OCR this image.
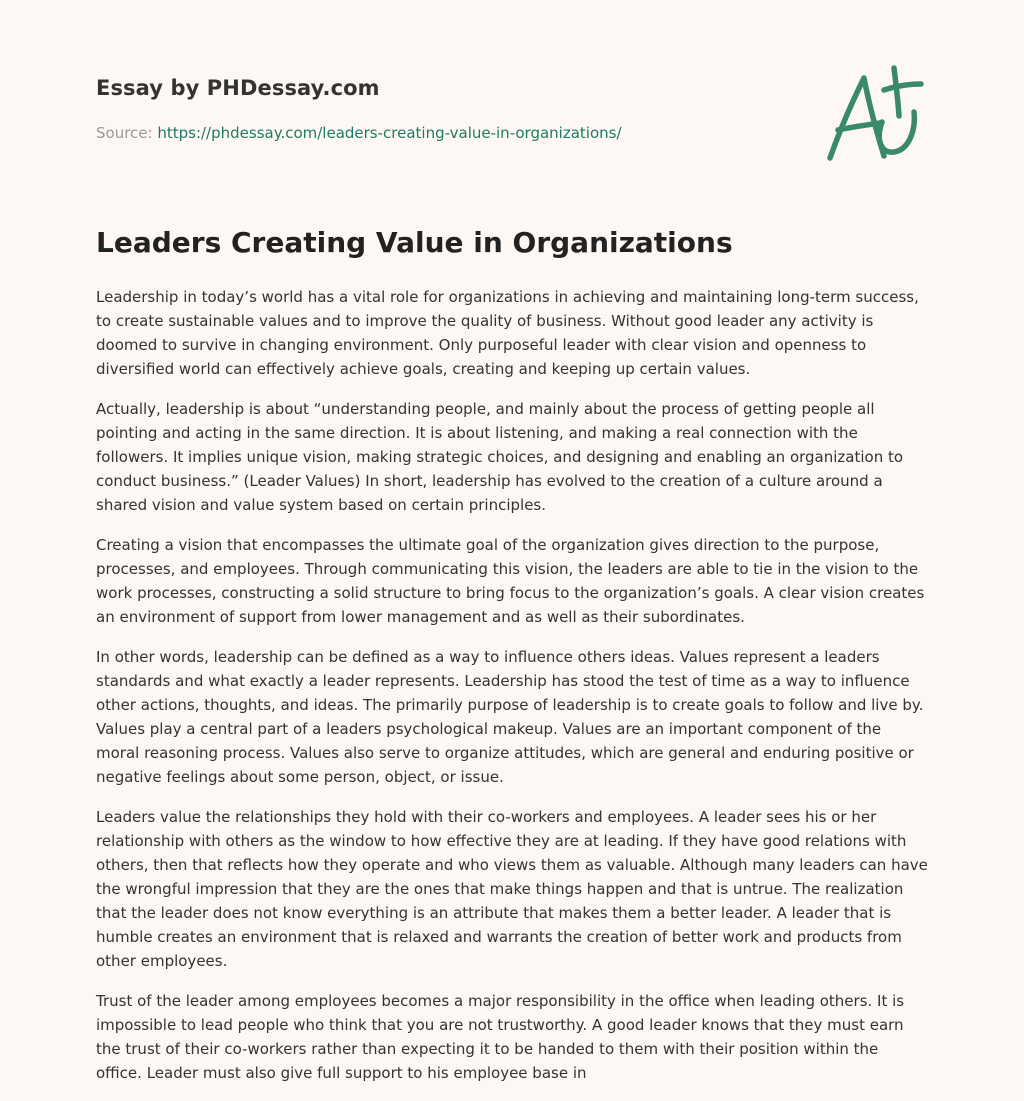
Essay by PHDessay.com
Source: https://phdessay.com/leaders-creating-value-in-organizations/
Leaders Creating Value in Organizations

Leadership in today’s world has a vital role for organizations in achieving and maintaining long-term success, to create sustainable values and to improve the quality of business. Without good leader any activity is doomed to survive in changing environment. Only purposeful leader with clear vision and openness to diversified world can effectively achieve goals, creating and keeping up certain values.

Actually, leadership is about “understanding people, and mainly about the process of getting people all pointing and acting in the same direction. It is about listening, and making a real connection with the followers. It implies unique vision, making strategic choices, and designing and enabling an organization to conduct business.” (Leader Values) In short, leadership has evolved to the creation of a culture around a shared vision and value system based on certain principles.

Creating a vision that encompasses the ultimate goal of the organization gives direction to the purpose, processes, and employees. Through communicating this vision, the leaders are able to tie in the vision to the work processes, constructing a solid structure to bring focus to the organization’s goals. A clear vision creates an environment of support from lower management and as well as their subordinates.

In other words, leadership can be defined as a way to influence others ideas. Values represent a leaders standards and what exactly a leader represents. Leadership has stood the test of time as a way to influence other actions, thoughts, and ideas. The primarily purpose of leadership is to create goals to follow and live by. Values play a central part of a leaders psychological makeup. Values are an important component of the moral reasoning process. Values also serve to organize attitudes, which are general and enduring positive or negative feelings about some person, object, or issue.

Leaders value the relationships they hold with their co-workers and employees. A leader sees his or her relationship with others as the window to how effective they are at leading. If they have good relations with others, then that reflects how they operate and who views them as valuable. Although many leaders can have the wrongful impression that they are the ones that make things happen and that is untrue. The realization that the leader does not know everything is an attribute that makes them a better leader. A leader that is humble creates an environment that is relaxed and warrants the creation of better work and products from other employees.

Trust of the leader among employees becomes a major responsibility in the office when leading others. It is impossible to lead people who think that you are not trustworthy. A good leader knows that they must earn the trust of their co-workers rather than expecting it to be handed to them with their position within the office. Leader must also give full support to his employee base in
